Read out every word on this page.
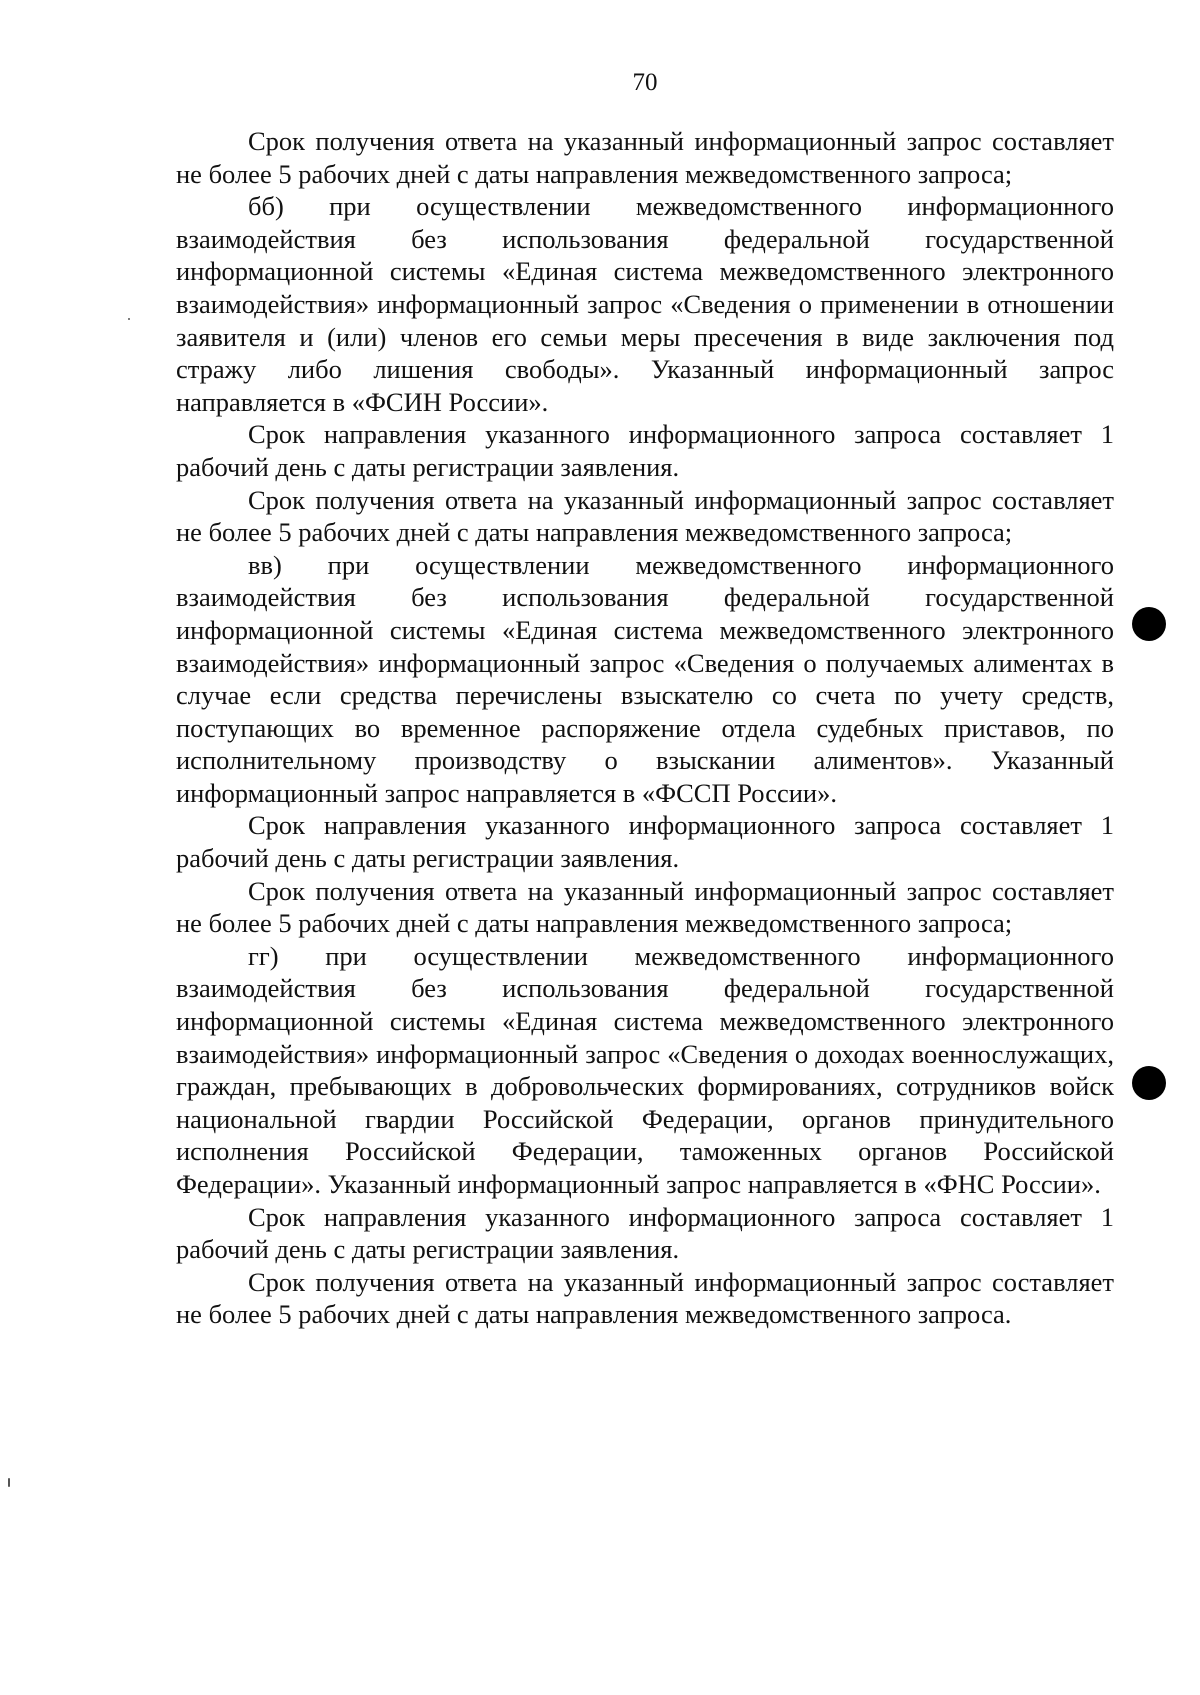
70

Срок получения ответа на указанный информационный запрос составляет не более 5 рабочих дней с даты направления межведомственного запроса;

бб) при осуществлении межведомственного информационного взаимодействия без использования федеральной государственной информационной системы «Единая система межведомственного электронного взаимодействия» информационный запрос «Сведения о применении в отношении заявителя и (или) членов его семьи меры пресечения в виде заключения под стражу либо лишения свободы». Указанный информационный запрос направляется в «ФСИН России».

Срок направления указанного информационного запроса составляет 1 рабочий день с даты регистрации заявления.

Срок получения ответа на указанный информационный запрос составляет не более 5 рабочих дней с даты направления межведомственного запроса;

вв) при осуществлении межведомственного информационного взаимодействия без использования федеральной государственной информационной системы «Единая система межведомственного электронного взаимодействия» информационный запрос «Сведения о получаемых алиментах в случае если средства перечислены взыскателю со счета по учету средств, поступающих во временное распоряжение отдела судебных приставов, по исполнительному производству о взыскании алиментов». Указанный информационный запрос направляется в «ФССП России».

Срок направления указанного информационного запроса составляет 1 рабочий день с даты регистрации заявления.

Срок получения ответа на указанный информационный запрос составляет не более 5 рабочих дней с даты направления межведомственного запроса;

гг) при осуществлении межведомственного информационного взаимодействия без использования федеральной государственной информационной системы «Единая система межведомственного электронного взаимодействия» информационный запрос «Сведения о доходах военнослужащих, граждан, пребывающих в добровольческих формированиях, сотрудников войск национальной гвардии Российской Федерации, органов принудительного исполнения Российской Федерации, таможенных органов Российской Федерации». Указанный информационный запрос направляется в «ФНС России».

Срок направления указанного информационного запроса составляет 1 рабочий день с даты регистрации заявления.

Срок получения ответа на указанный информационный запрос составляет не более 5 рабочих дней с даты направления межведомственного запроса.
